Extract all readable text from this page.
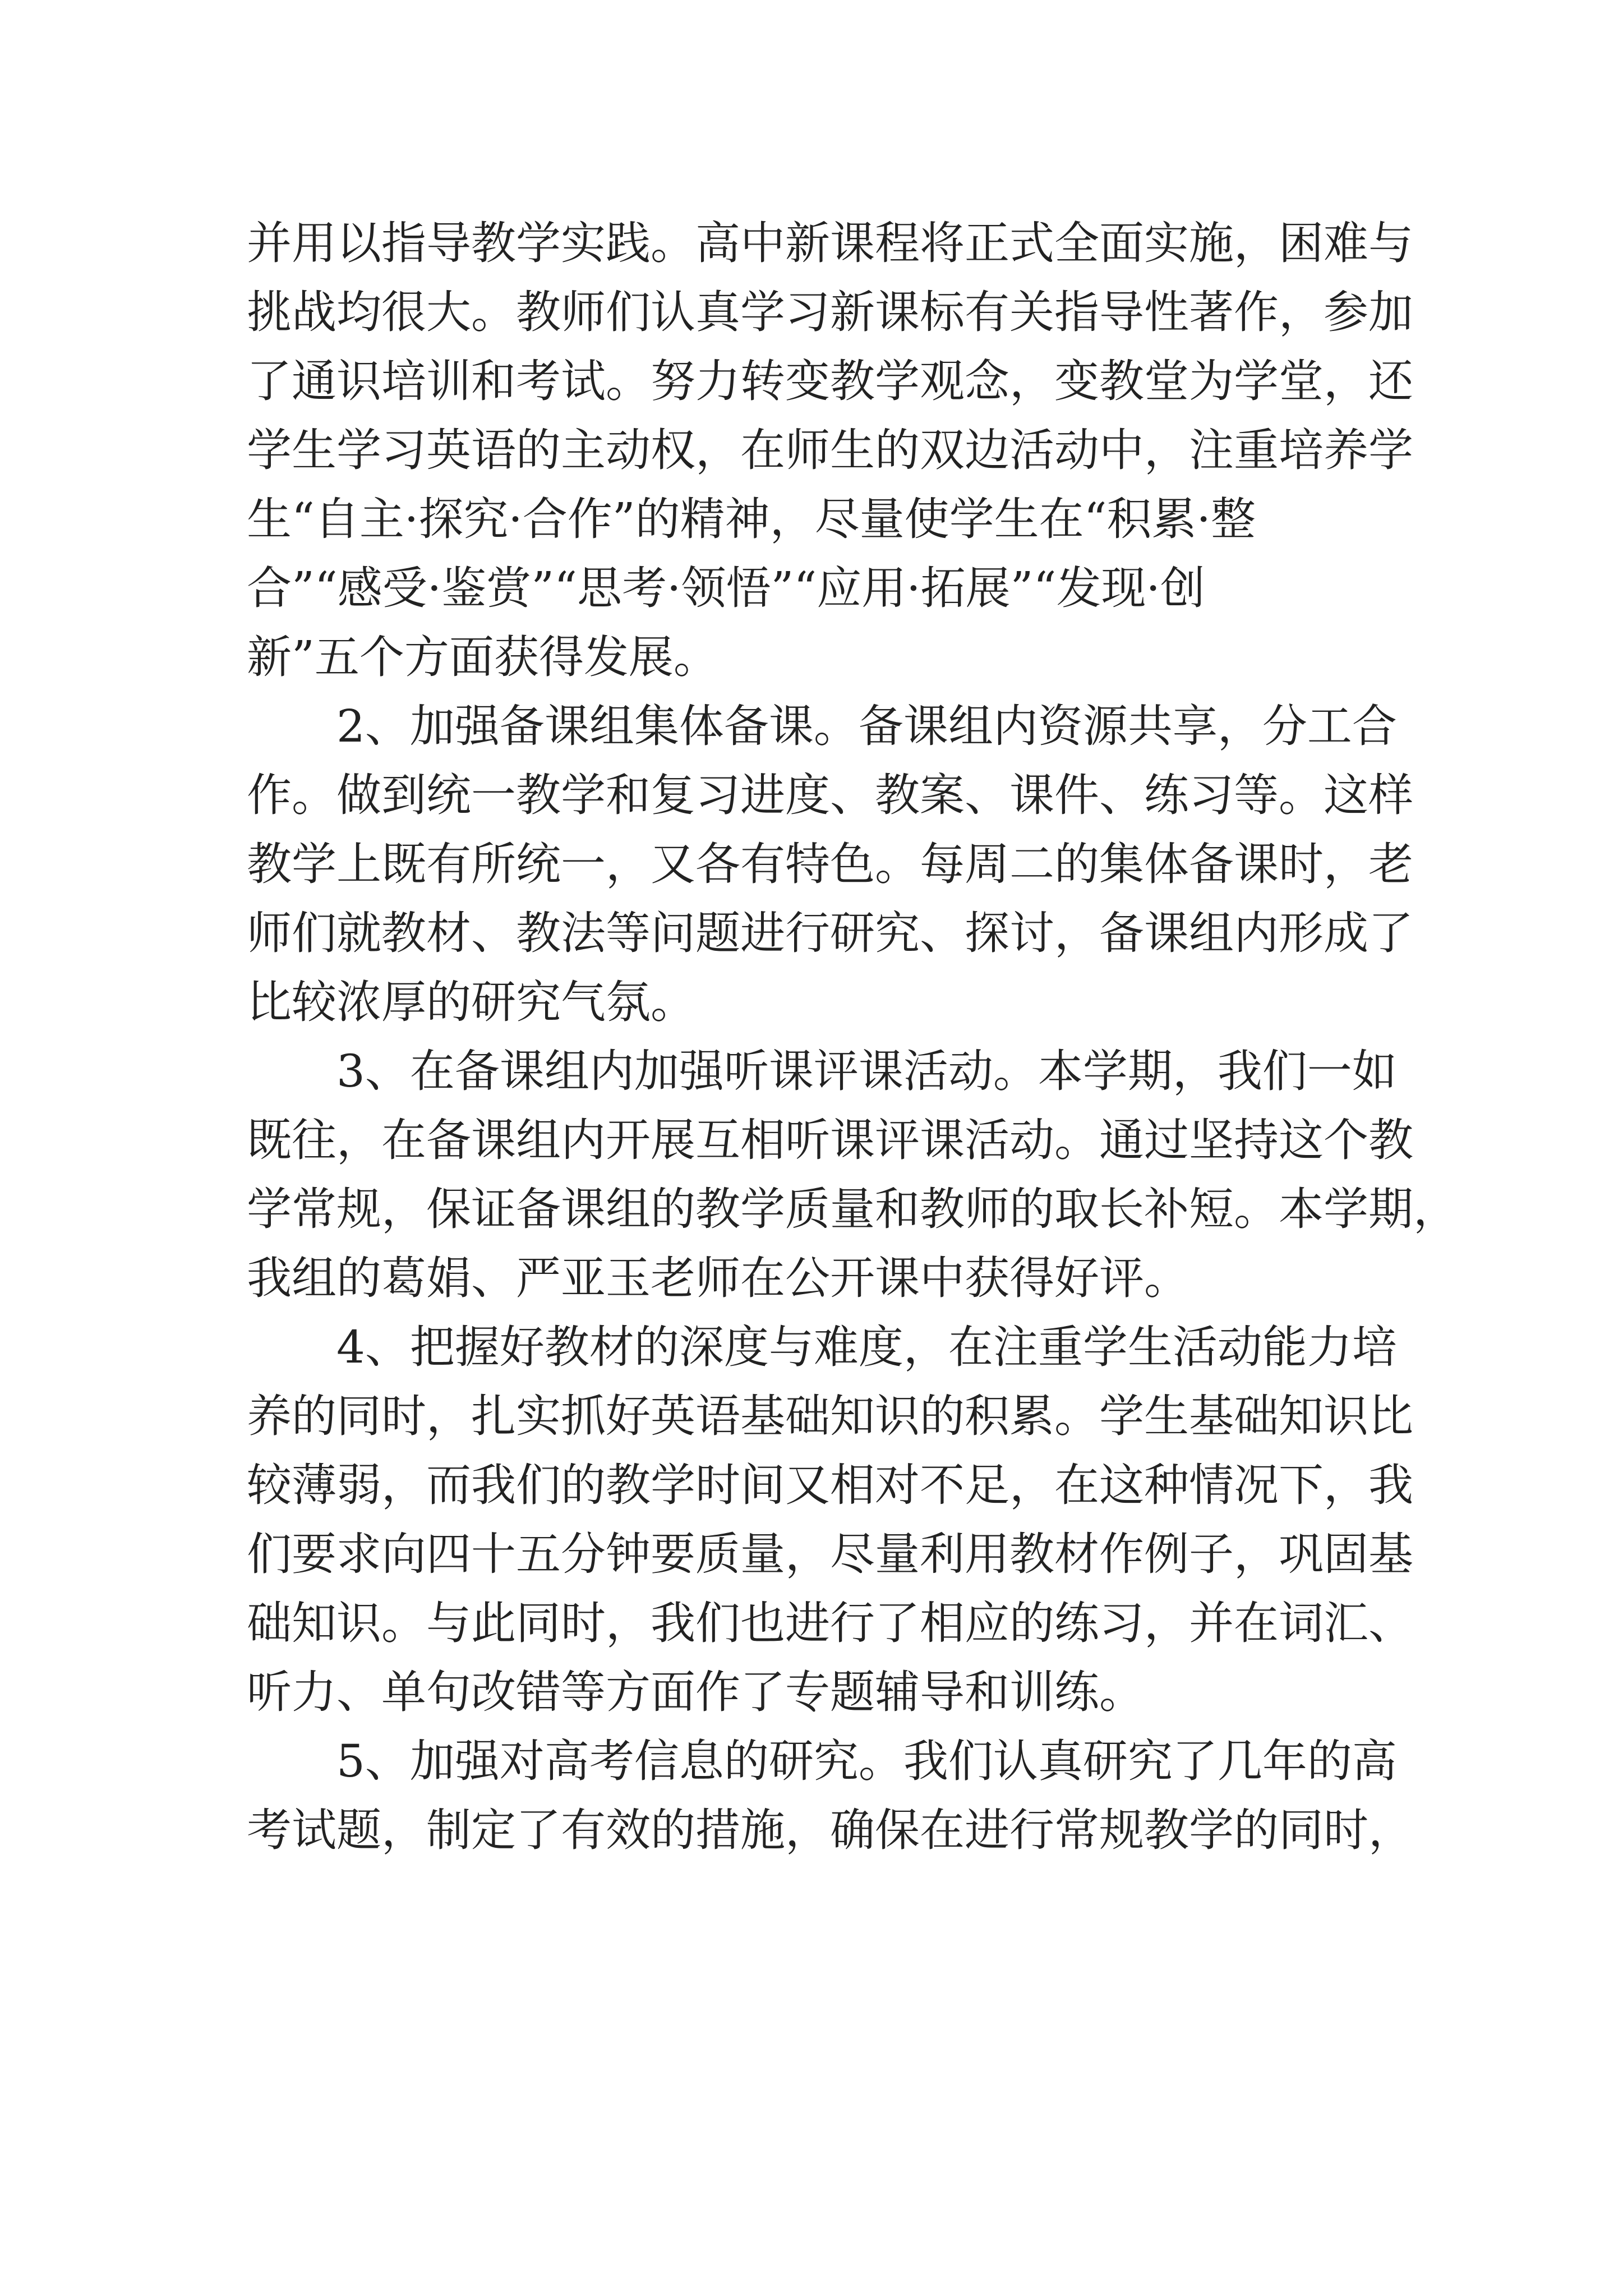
并用以指导教学实践。高中新课程将正式全面实施，困难与
挑战均很大。教师们认真学习新课标有关指导性著作，参加
了通识培训和考试。努力转变教学观念，变教堂为学堂，还
学生学习英语的主动权，在师生的双边活动中，注重培养学
生“自主·探究·合作”的精神，尽量使学生在“积累·整
合”“感受·鉴赏”“思考·领悟”“应用·拓展”“发现·创
新”五个方面获得发展。
2、加强备课组集体备课。备课组内资源共享，分工合
作。做到统一教学和复习进度、教案、课件、练习等。这样
教学上既有所统一，又各有特色。每周二的集体备课时，老
师们就教材、教法等问题进行研究、探讨，备课组内形成了
比较浓厚的研究气氛。
3、在备课组内加强听课评课活动。本学期，我们一如
既往，在备课组内开展互相听课评课活动。通过坚持这个教
学常规，保证备课组的教学质量和教师的取长补短。本学期，
我组的葛娟、严亚玉老师在公开课中获得好评。
4、把握好教材的深度与难度，在注重学生活动能力培
养的同时，扎实抓好英语基础知识的积累。学生基础知识比
较薄弱，而我们的教学时间又相对不足，在这种情况下，我
们要求向四十五分钟要质量，尽量利用教材作例子，巩固基
础知识。与此同时，我们也进行了相应的练习，并在词汇、
听力、单句改错等方面作了专题辅导和训练。
5、加强对高考信息的研究。我们认真研究了几年的高
考试题，制定了有效的措施，确保在进行常规教学的同时，
